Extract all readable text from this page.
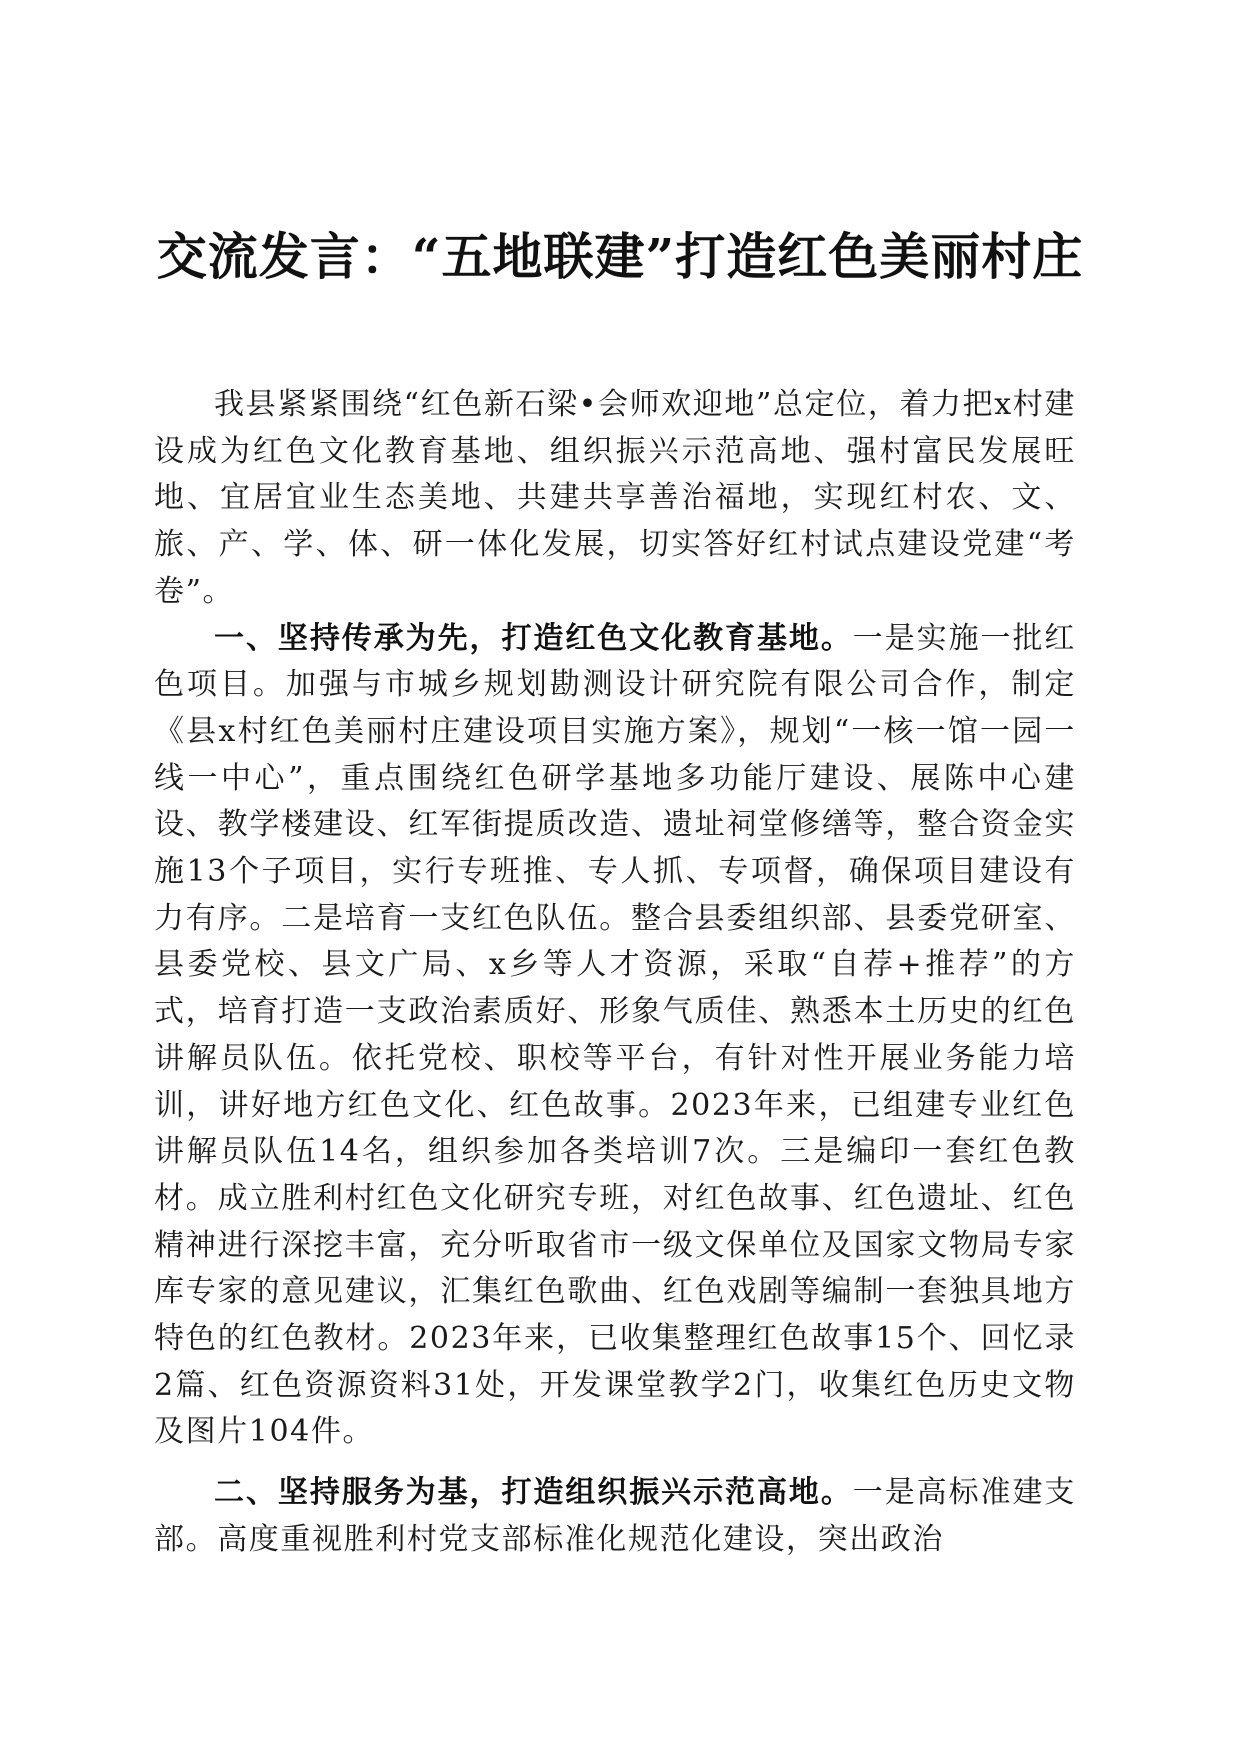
交流发言：“五地联建”打造红色美丽村庄

我县紧紧围绕“红色新石梁•会师欢迎地”总定位，着力把x村建设成为红色文化教育基地、组织振兴示范高地、强村富民发展旺地、宜居宜业生态美地、共建共享善治福地，实现红村农、文、旅、产、学、体、研一体化发展，切实答好红村试点建设党建“考卷”。

一、坚持传承为先，打造红色文化教育基地。一是实施一批红色项目。加强与市城乡规划勘测设计研究院有限公司合作，制定《县x村红色美丽村庄建设项目实施方案》，规划“一核一馆一园一线一中心”，重点围绕红色研学基地多功能厅建设、展陈中心建设、教学楼建设、红军街提质改造、遗址祠堂修缮等，整合资金实施13个子项目，实行专班推、专人抓、专项督，确保项目建设有力有序。二是培育一支红色队伍。整合县委组织部、县委党研室、县委党校、县文广局、x乡等人才资源，采取“自荐+推荐”的方式，培育打造一支政治素质好、形象气质佳、熟悉本土历史的红色讲解员队伍。依托党校、职校等平台，有针对性开展业务能力培训，讲好地方红色文化、红色故事。2023年来，已组建专业红色讲解员队伍14名，组织参加各类培训7次。三是编印一套红色教材。成立胜利村红色文化研究专班，对红色故事、红色遗址、红色精神进行深挖丰富，充分听取省市一级文保单位及国家文物局专家库专家的意见建议，汇集红色歌曲、红色戏剧等编制一套独具地方特色的红色教材。2023年来，已收集整理红色故事15个、回忆录2篇、红色资源资料31处，开发课堂教学2门，收集红色历史文物及图片104件。

二、坚持服务为基，打造组织振兴示范高地。一是高标准建支部。高度重视胜利村党支部标准化规范化建设，突出政治
